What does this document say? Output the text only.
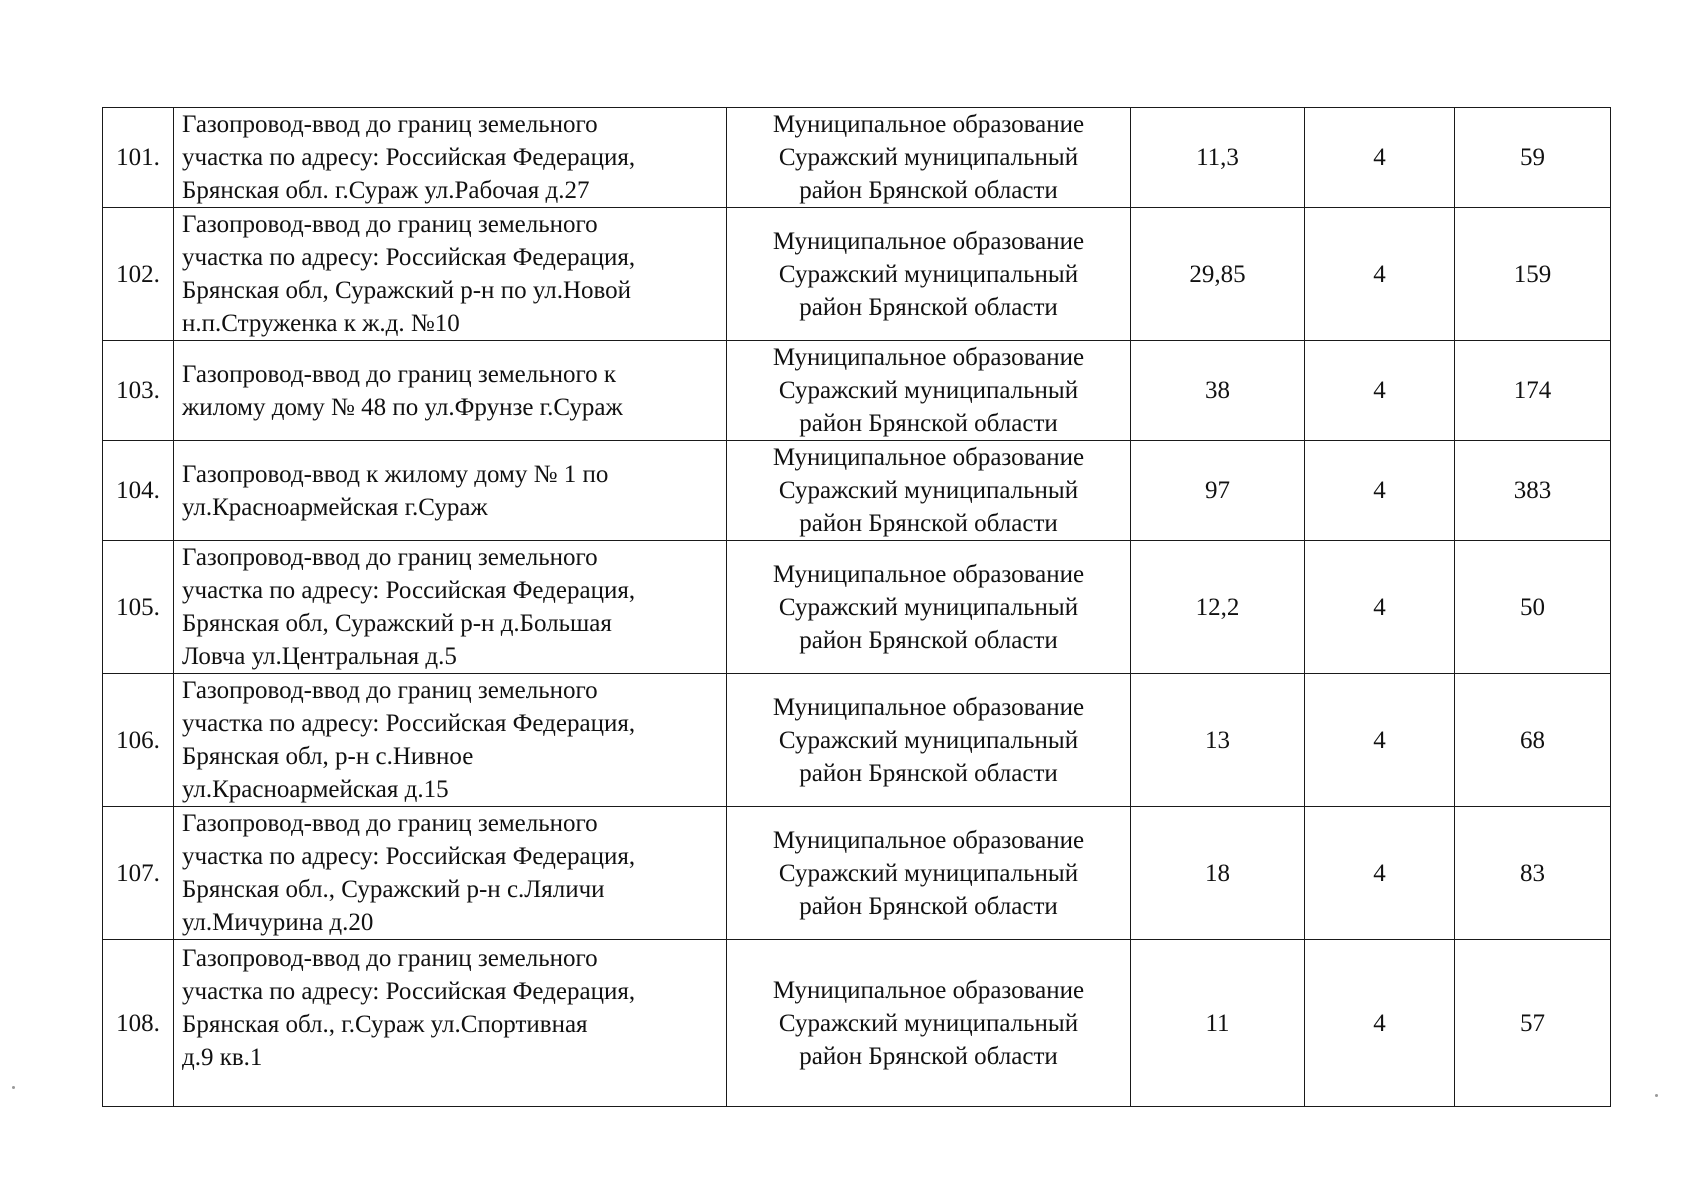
101.	Газопровод-ввод до границ земельного
участка по адресу: Российская Федерация,
Брянская обл. г.Сураж ул.Рабочая д.27	Муниципальное образование
Суражский муниципальный
район Брянской области	11,3	4	59
102.	Газопровод-ввод до границ земельного
участка по адресу: Российская Федерация,
Брянская обл, Суражский р-н по ул.Новой
н.п.Струженка к ж.д. №10	Муниципальное образование
Суражский муниципальный
район Брянской области	29,85	4	159
103.	Газопровод-ввод до границ земельного к
жилому дому № 48 по ул.Фрунзе г.Сураж	Муниципальное образование
Суражский муниципальный
район Брянской области	38	4	174
104.	Газопровод-ввод к жилому дому № 1 по
ул.Красноармейская г.Сураж	Муниципальное образование
Суражский муниципальный
район Брянской области	97	4	383
105.	Газопровод-ввод до границ земельного
участка по адресу: Российская Федерация,
Брянская обл, Суражский р-н д.Большая
Ловча ул.Центральная д.5	Муниципальное образование
Суражский муниципальный
район Брянской области	12,2	4	50
106.	Газопровод-ввод до границ земельного
участка по адресу: Российская Федерация,
Брянская обл, р-н с.Нивное
ул.Красноармейская д.15	Муниципальное образование
Суражский муниципальный
район Брянской области	13	4	68
107.	Газопровод-ввод до границ земельного
участка по адресу: Российская Федерация,
Брянская обл., Суражский р-н с.Ляличи
ул.Мичурина д.20	Муниципальное образование
Суражский муниципальный
район Брянской области	18	4	83
108.	Газопровод-ввод до границ земельного
участка по адресу: Российская Федерация,
Брянская обл., г.Сураж ул.Спортивная
д.9 кв.1	Муниципальное образование
Суражский муниципальный
район Брянской области	11	4	57
